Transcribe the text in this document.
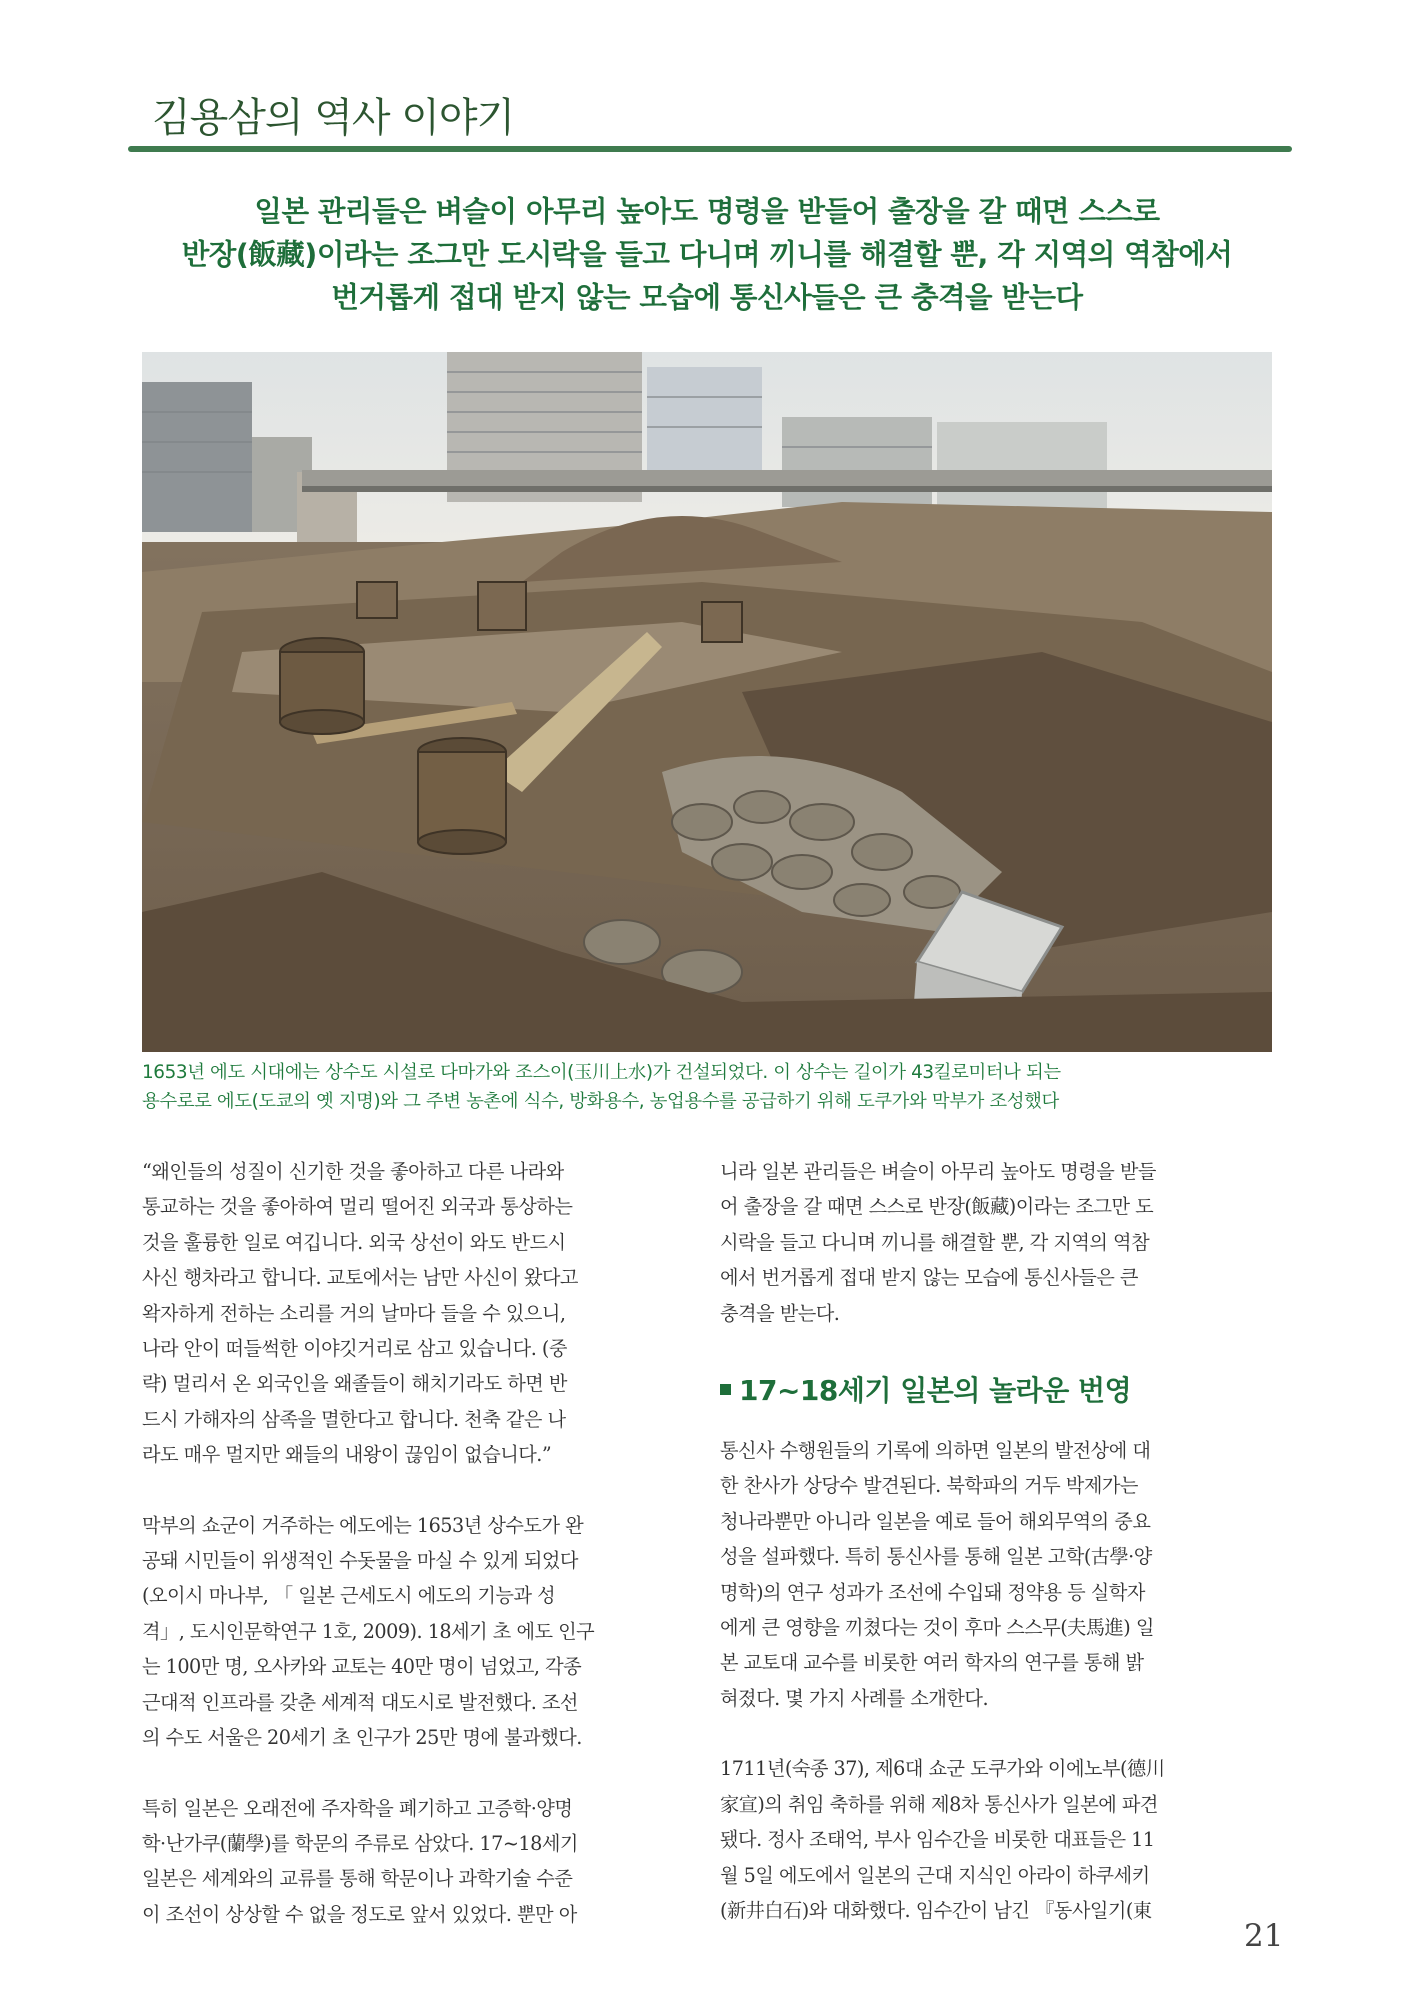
김용삼의 역사 이야기
일본 관리들은 벼슬이 아무리 높아도 명령을 받들어 출장을 갈 때면 스스로
반장(飯藏)이라는 조그만 도시락을 들고 다니며 끼니를 해결할 뿐, 각 지역의 역참에서
번거롭게 접대 받지 않는 모습에 통신사들은 큰 충격을 받는다
1653년 에도 시대에는 상수도 시설로 다마가와 조스이(玉川上水)가 건설되었다. 이 상수는 길이가 43킬로미터나 되는
용수로로 에도(도쿄의 옛 지명)와 그 주변 농촌에 식수, 방화용수, 농업용수를 공급하기 위해 도쿠가와 막부가 조성했다

“왜인들의 성질이 신기한 것을 좋아하고 다른 나라와
통교하는 것을 좋아하여 멀리 떨어진 외국과 통상하는
것을 훌륭한 일로 여깁니다. 외국 상선이 와도 반드시
사신 행차라고 합니다. 교토에서는 남만 사신이 왔다고
왁자하게 전하는 소리를 거의 날마다 들을 수 있으니,
나라 안이 떠들썩한 이야깃거리로 삼고 있습니다. (중
략) 멀리서 온 외국인을 왜졸들이 해치기라도 하면 반
드시 가해자의 삼족을 멸한다고 합니다. 천축 같은 나
라도 매우 멀지만 왜들의 내왕이 끊임이 없습니다.”

막부의 쇼군이 거주하는 에도에는 1653년 상수도가 완
공돼 시민들이 위생적인 수돗물을 마실 수 있게 되었다
(오이시 마나부, 「 일본 근세도시 에도의 기능과 성
격」, 도시인문학연구 1호, 2009). 18세기 초 에도 인구
는 100만 명, 오사카와 교토는 40만 명이 넘었고, 각종
근대적 인프라를 갖춘 세계적 대도시로 발전했다. 조선
의 수도 서울은 20세기 초 인구가 25만 명에 불과했다.

특히 일본은 오래전에 주자학을 폐기하고 고증학·양명
학·난가쿠(蘭學)를 학문의 주류로 삼았다. 17~18세기
일본은 세계와의 교류를 통해 학문이나 과학기술 수준
이 조선이 상상할 수 없을 정도로 앞서 있었다. 뿐만 아

니라 일본 관리들은 벼슬이 아무리 높아도 명령을 받들
어 출장을 갈 때면 스스로 반장(飯藏)이라는 조그만 도
시락을 들고 다니며 끼니를 해결할 뿐, 각 지역의 역참
에서 번거롭게 접대 받지 않는 모습에 통신사들은 큰
충격을 받는다.

17~18세기 일본의 놀라운 번영

통신사 수행원들의 기록에 의하면 일본의 발전상에 대
한 찬사가 상당수 발견된다. 북학파의 거두 박제가는
청나라뿐만 아니라 일본을 예로 들어 해외무역의 중요
성을 설파했다. 특히 통신사를 통해 일본 고학(古學·양
명학)의 연구 성과가 조선에 수입돼 정약용 등 실학자
에게 큰 영향을 끼쳤다는 것이 후마 스스무(夫馬進) 일
본 교토대 교수를 비롯한 여러 학자의 연구를 통해 밝
혀졌다. 몇 가지 사례를 소개한다.

1711년(숙종 37), 제6대 쇼군 도쿠가와 이에노부(德川
家宣)의 취임 축하를 위해 제8차 통신사가 일본에 파견
됐다. 정사 조태억, 부사 임수간을 비롯한 대표들은 11
월 5일 에도에서 일본의 근대 지식인 아라이 하쿠세키
(新井白石)와 대화했다. 임수간이 남긴 『동사일기(東

21
